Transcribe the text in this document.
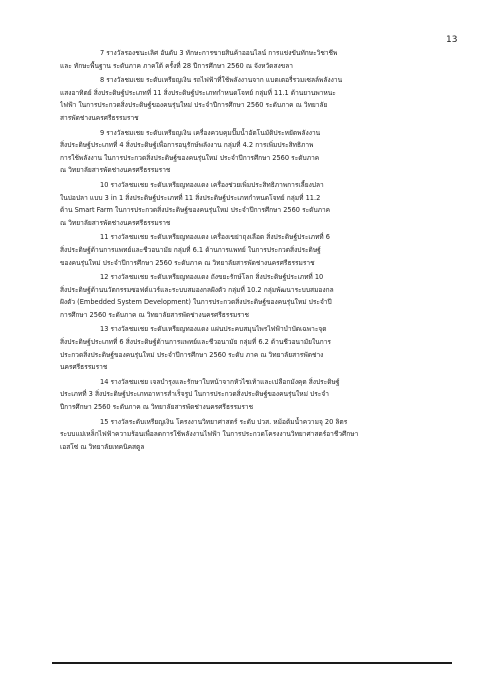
13
7 รางวัลรองชนะเลิศ อันดับ 3 ทักษะการขายสินค้าออนไลน์ การแข่งขันทักษะวิชาชีพ
และ ทักษะพื้นฐาน ระดับภาค ภาคใต้ ครั้งที่ 28 ปีการศึกษา 2560 ณ จังหวัดสงขลา
8 รางวัลชมเชย ระดับเหรียญเงิน รถไฟฟ้าที่ใช้พลังงานจาก แบตเตอรี่รวมเซลล์พลังงาน
แสงอาทิตย์ สิ่งประดิษฐ์ประเภทที่ 11 สิ่งประดิษฐ์ประเภทกำหนดโจทย์ กลุ่มที่ 11.1 ด้านยานพาหนะ
ไฟฟ้า ในการประกวดสิ่งประดิษฐ์ของคนรุ่นใหม่ ประจำปีการศึกษา 2560 ระดับภาค ณ วิทยาลัย
สารพัดช่างนครศรีธรรมราช
9 รางวัลชมเชย ระดับเหรียญเงิน เครื่องควบคุมปั๊มน้ำอัตโนมัติประหยัดพลังงาน
สิ่งประดิษฐ์ประเภทที่ 4 สิ่งประดิษฐ์เพื่อการอนุรักษ์พลังงาน กลุ่มที่ 4.2 การเพิ่มประสิทธิภาพ
การใช้พลังงาน ในการประกวดสิ่งประดิษฐ์ของคนรุ่นใหม่ ประจำปีการศึกษา 2560 ระดับภาค
ณ วิทยาลัยสารพัดช่างนครศรีธรรมราช
10 รางวัลชมเชย ระดับเหรียญทองแดง เครื่องช่วยเพิ่มประสิทธิภาพการเลี้ยงปลา
ในบ่อปลา แบบ 3 in 1 สิ่งประดิษฐ์ประเภทที่ 11 สิ่งประดิษฐ์ประเภทกำหนดโจทย์ กลุ่มที่ 11.2
ด้าน Smart Farm ในการประกวดสิ่งประดิษฐ์ของคนรุ่นใหม่ ประจำปีการศึกษา 2560 ระดับภาค
ณ วิทยาลัยสารพัดช่างนครศรีธรรมราช
11 รางวัลชมเชย ระดับเหรียญทองแดง เครื่องเขย่าถุงเลือด สิ่งประดิษฐ์ประเภทที่ 6
สิ่งประดิษฐ์ด้านการแพทย์และชีวอนามัย กลุ่มที่ 6.1 ด้านการแพทย์ ในการประกวดสิ่งประดิษฐ์
ของคนรุ่นใหม่ ประจำปีการศึกษา 2560 ระดับภาค ณ วิทยาลัยสารพัดช่างนครศรีธรรมราช
12 รางวัลชมเชย ระดับเหรียญทองแดง ถังขยะรักษ์โลก สิ่งประดิษฐ์ประเภทที่ 10
สิ่งประดิษฐ์ด้านนวัตกรรมซอฟต์แวร์และระบบสมองกลฝังตัว กลุ่มที่ 10.2 กลุ่มพัฒนาระบบสมองกล
ฝังตัว (Embedded System Development) ในการประกวดสิ่งประดิษฐ์ของคนรุ่นใหม่ ประจำปี
การศึกษา 2560 ระดับภาค ณ วิทยาลัยสารพัดช่างนครศรีธรรมราช
13 รางวัลชมเชย ระดับเหรียญทองแดง แผ่นประคบสมุนไพรไฟฟ้าบำบัดเฉพาะจุด
สิ่งประดิษฐ์ประเภทที่ 6 สิ่งประดิษฐ์ด้านการแพทย์และชีวอนามัย กลุ่มที่ 6.2 ด้านชีวอนามัยในการ
ประกวดสิ่งประดิษฐ์ของคนรุ่นใหม่ ประจำปีการศึกษา 2560 ระดับ ภาค ณ วิทยาลัยสารพัดช่าง
นครศรีธรรมราช
14 รางวัลชมเชย เจลบำรุงและรักษาใบหน้าจากหัวไชเท้าและเปลือกมังคุด สิ่งประดิษฐ์
ประเภทที่ 3 สิ่งประดิษฐ์ประเภทอาหารสำเร็จรูป ในการประกวดสิ่งประดิษฐ์ของคนรุ่นใหม่ ประจำ
ปีการศึกษา 2560 ระดับภาค ณ วิทยาลัยสารพัดช่างนครศรีธรรมราช
15 รางวัลระดับเหรียญเงิน โครงงานวิทยาศาสตร์ ระดับ ปวส. หม้อต้มน้ำความจุ 20 ลิตร
ระบบแม่เหล็กไฟฟ้าความร้อนเพื่อลดการใช้พลังงานไฟฟ้า ในการประกวดโครงงานวิทยาศาสตร์อาชีวศึกษา
เอสโซ่ ณ วิทยาลัยเทคนิคสตูล
